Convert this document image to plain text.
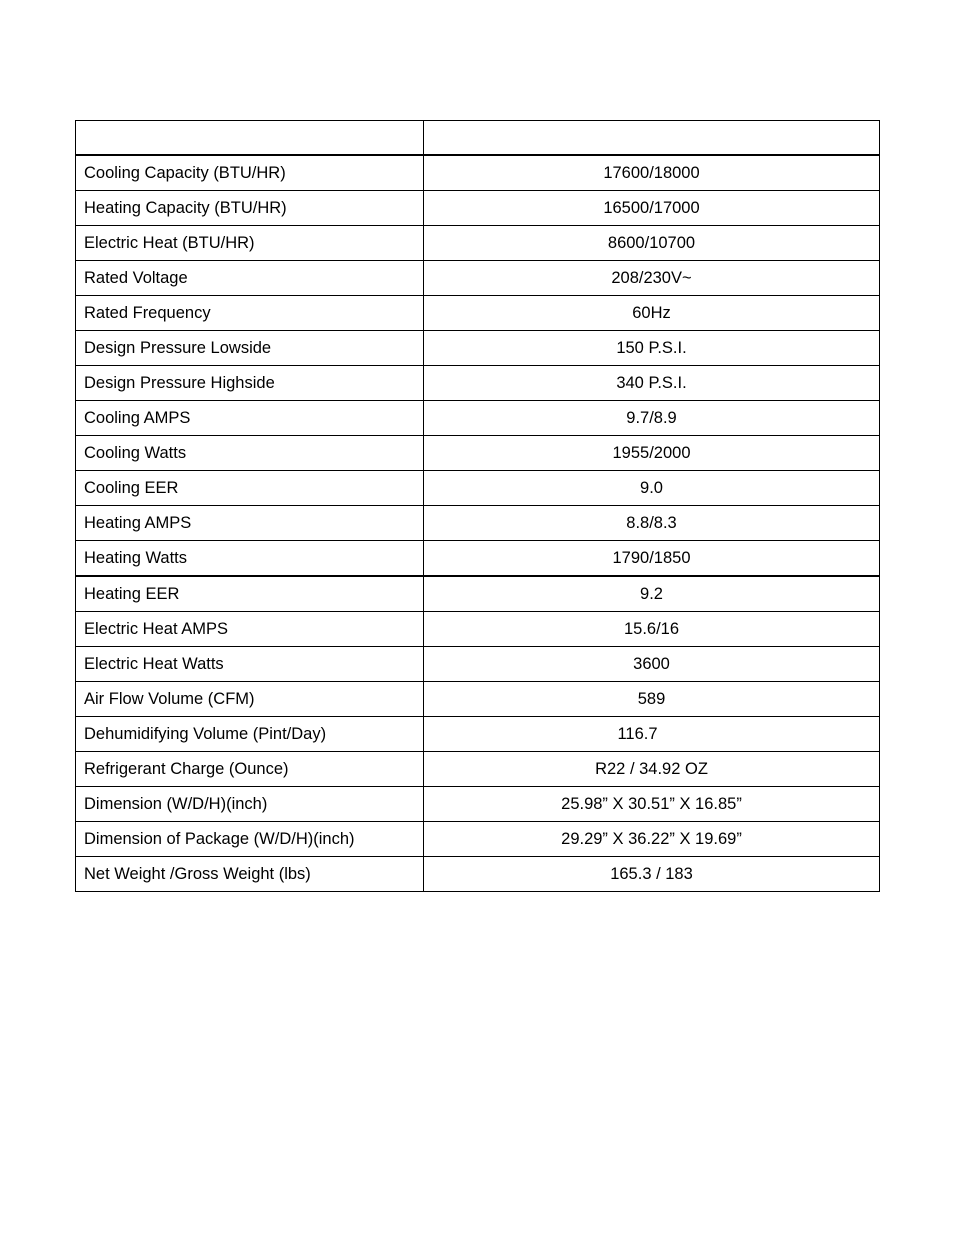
Cooling Capacity (BTU/HR)	17600/18000
Heating Capacity (BTU/HR)	16500/17000
Electric Heat (BTU/HR)	8600/10700
Rated Voltage	208/230V~
Rated Frequency	60Hz
Design Pressure Lowside	150 P.S.I.
Design Pressure Highside	340 P.S.I.
Cooling AMPS	9.7/8.9
Cooling Watts	1955/2000
Cooling EER	9.0
Heating AMPS	8.8/8.3
Heating Watts	1790/1850
Heating EER	9.2
Electric Heat AMPS	15.6/16
Electric Heat Watts	3600
Air Flow Volume (CFM)	589
Dehumidifying Volume (Pint/Day)	116.7
Refrigerant Charge (Ounce)	R22 / 34.92 OZ
Dimension (W/D/H)(inch)	25.98” X 30.51” X 16.85”
Dimension of Package (W/D/H)(inch)	29.29” X 36.22” X 19.69”
Net Weight /Gross Weight (lbs)	165.3 / 183
